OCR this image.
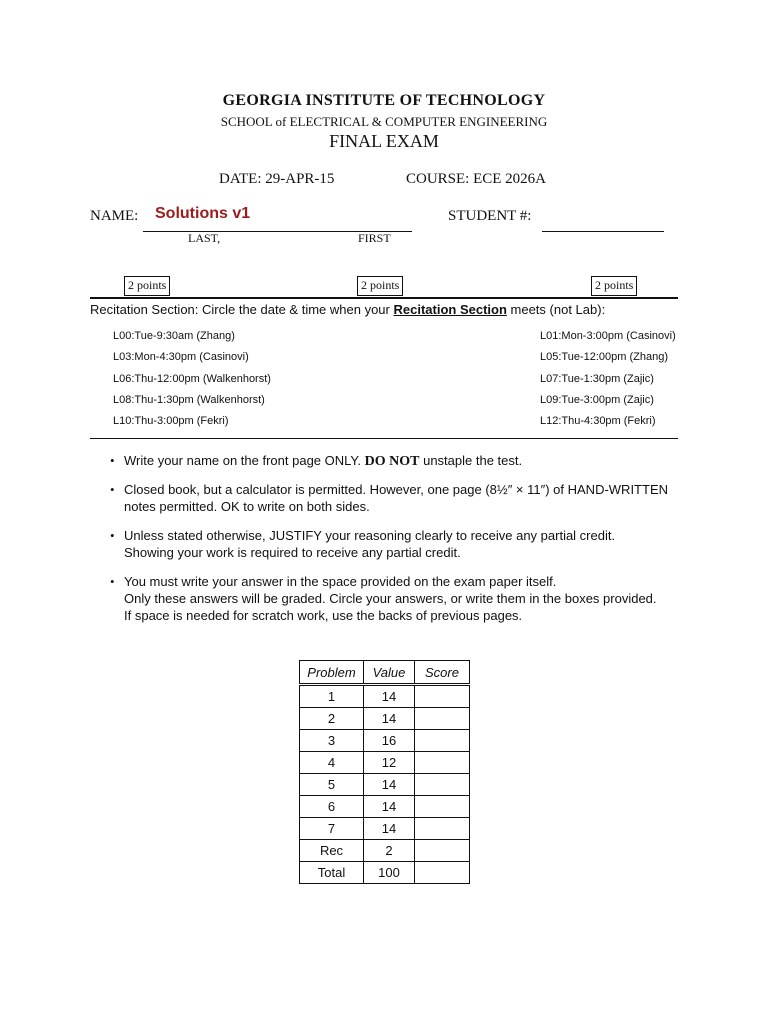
GEORGIA INSTITUTE OF TECHNOLOGY
SCHOOL of ELECTRICAL & COMPUTER ENGINEERING
FINAL EXAM
DATE: 29-APR-15	COURSE: ECE 2026A
NAME: Solutions v1
LAST,	FIRST
STUDENT #:
2 points	2 points	2 points
Recitation Section: Circle the date & time when your Recitation Section meets (not Lab):
L00:Tue-9:30am (Zhang)
L03:Mon-4:30pm (Casinovi)
L06:Thu-12:00pm (Walkenhorst)
L08:Thu-1:30pm (Walkenhorst)
L10:Thu-3:00pm (Fekri)
L01:Mon-3:00pm (Casinovi)
L05:Tue-12:00pm (Zhang)
L07:Tue-1:30pm (Zajic)
L09:Tue-3:00pm (Zajic)
L12:Thu-4:30pm (Fekri)
• Write your name on the front page ONLY. DO NOT unstaple the test.
• Closed book, but a calculator is permitted. However, one page (8½″ × 11″) of HAND-WRITTEN
notes permitted. OK to write on both sides.
• Unless stated otherwise, JUSTIFY your reasoning clearly to receive any partial credit.
Showing your work is required to receive any partial credit.
• You must write your answer in the space provided on the exam paper itself.
Only these answers will be graded. Circle your answers, or write them in the boxes provided.
If space is needed for scratch work, use the backs of previous pages.
Problem	Value	Score
1	14	
2	14	
3	16	
4	12	
5	14	
6	14	
7	14	
Rec	2	
Total	100	
